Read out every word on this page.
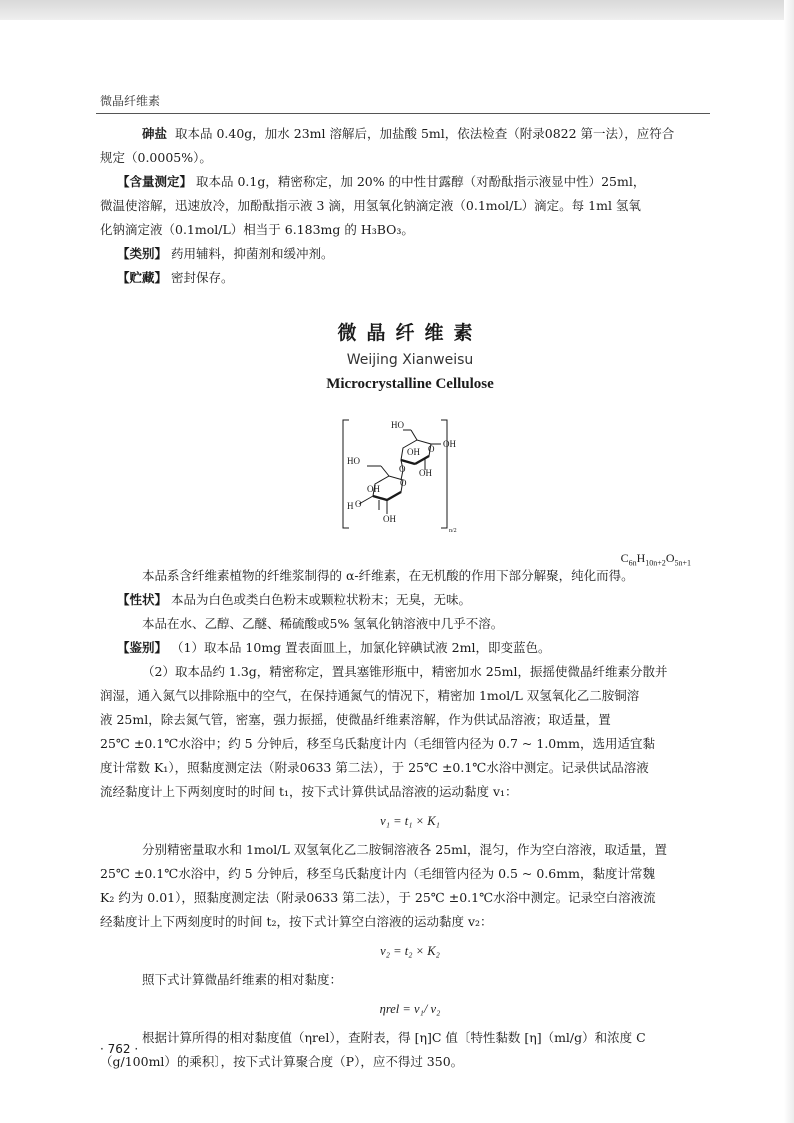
微晶纤维素

砷盐 取本品 0.40g，加水 23ml 溶解后，加盐酸 5ml，依法检查（附录0822 第一法），应符合

规定（0.0005%）。

【含量测定】 取本品 0.1g，精密称定，加 20% 的中性甘露醇（对酚酞指示液显中性）25ml，

微温使溶解，迅速放冷，加酚酞指示液 3 滴，用氢氧化钠滴定液（0.1mol/L）滴定。每 1ml 氢氧

化钠滴定液（0.1mol/L）相当于 6.183mg 的 H₃BO₃。

【类别】 药用辅料，抑菌剂和缓冲剂。

【贮藏】 密封保存。

微晶纤维素
Weijing Xianweisu
Microcrystalline Cellulose
HO
OH
OH
OH
HO
OH
OH
H
O
O
O
O
n/2
$C_{6n}H_{10n+2}O_{5n+1}$

本品系含纤维素植物的纤维浆制得的 α-纤维素，在无机酸的作用下部分解聚，纯化而得。

【性状】 本品为白色或类白色粉末或颗粒状粉末；无臭，无味。

本品在水、乙醇、乙醚、稀硫酸或5% 氢氧化钠溶液中几乎不溶。

【鉴别】 （1）取本品 10mg 置表面皿上，加氯化锌碘试液 2ml，即变蓝色。

（2）取本品约 1.3g，精密称定，置具塞锥形瓶中，精密加水 25ml，振摇使微晶纤维素分散并

润湿，通入氮气以排除瓶中的空气，在保持通氮气的情况下，精密加 1mol/L 双氢氧化乙二胺铜溶

液 25ml，除去氮气管，密塞，强力振摇，使微晶纤维素溶解，作为供试品溶液；取适量，置

25℃ ±0.1℃水浴中；约 5 分钟后，移至乌氏黏度计内（毛细管内径为 0.7 ~ 1.0mm，选用适宜黏

度计常数 K₁），照黏度测定法（附录0633 第二法），于 25℃ ±0.1℃水浴中测定。记录供试品溶液

流经黏度计上下两刻度时的时间 t₁，按下式计算供试品溶液的运动黏度 v₁：

v₁ = t₁ × K₁

分别精密量取水和 1mol/L 双氢氧化乙二胺铜溶液各 25ml，混匀，作为空白溶液，取适量，置

25℃ ±0.1℃水浴中，约 5 分钟后，移至乌氏黏度计内（毛细管内径为 0.5 ~ 0.6mm，黏度计常魏

K₂ 约为 0.01），照黏度测定法（附录0633 第二法），于 25℃ ±0.1℃水浴中测定。记录空白溶液流

经黏度计上下两刻度时的时间 t₂，按下式计算空白溶液的运动黏度 v₂：

v₂ = t₂ × K₂

照下式计算微晶纤维素的相对黏度：

ηrel = v₁/ v₂

根据计算所得的相对黏度值（ηrel），查附表，得 [η]C 值〔特性黏数 [η]（ml/g）和浓度 C

（g/100ml）的乘积〕，按下式计算聚合度（P），应不得过 350。

· 762 ·
